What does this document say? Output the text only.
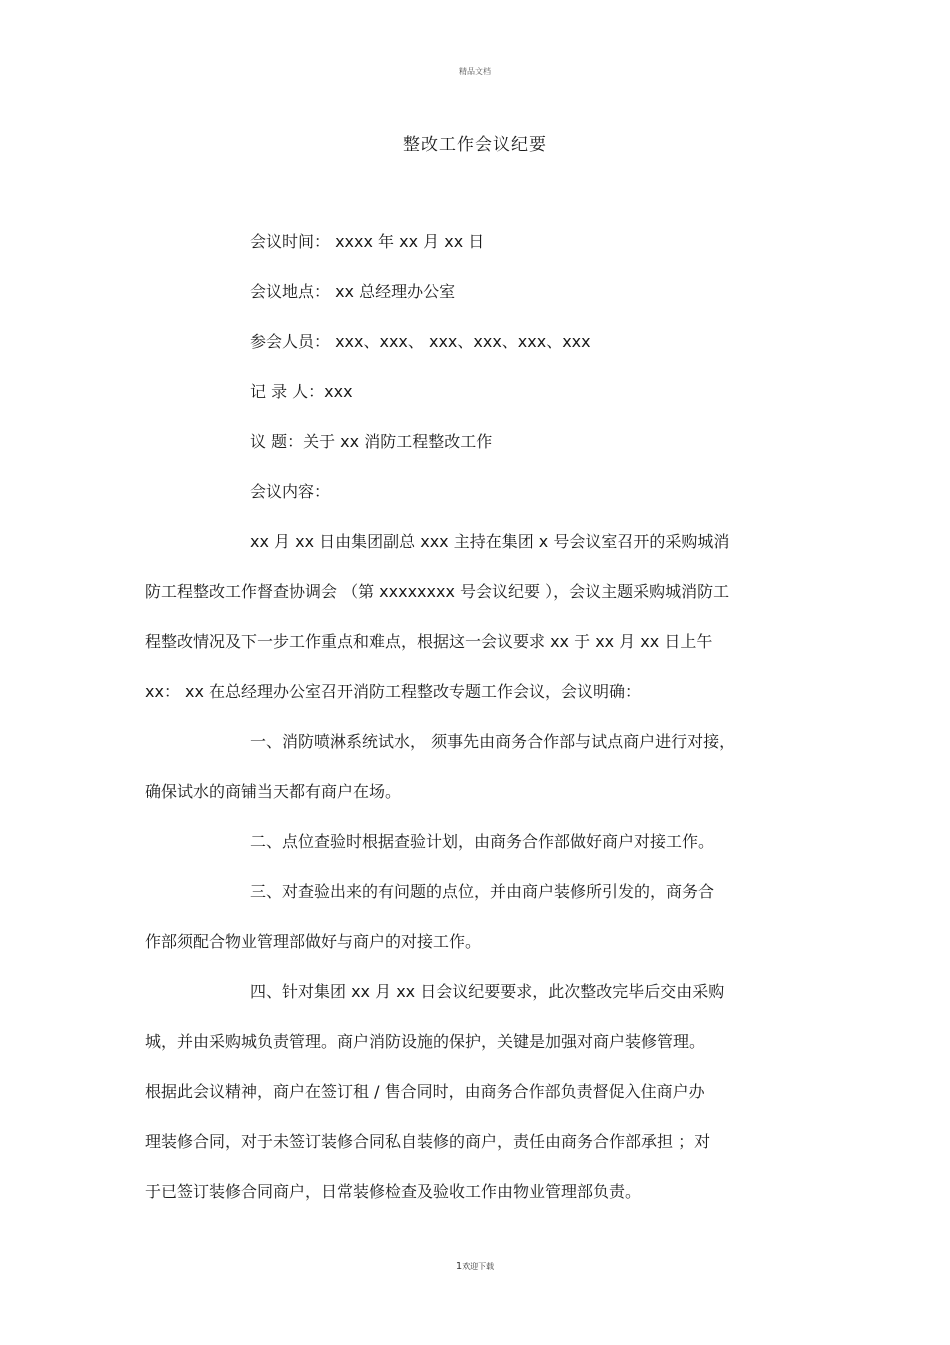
精品文档
整改工作会议纪要
会议时间： xxxx 年 xx 月 xx 日
会议地点： xx 总经理办公室
参会人员： xxx、xxx、 xxx、xxx、xxx、xxx
记 录 人：xxx
议 题：关于 xx 消防工程整改工作
会议内容：
xx 月 xx 日由集团副总 xxx 主持在集团 x 号会议室召开的采购城消
防工程整改工作督查协调会 （第 xxxxxxxx 号会议纪要 ），会议主题采购城消防工
程整改情况及下一步工作重点和难点，根据这一会议要求 xx 于 xx 月 xx 日上午
xx： xx 在总经理办公室召开消防工程整改专题工作会议，会议明确：
一、消防喷淋系统试水， 须事先由商务合作部与试点商户进行对接，
确保试水的商铺当天都有商户在场。
二、点位查验时根据查验计划，由商务合作部做好商户对接工作。
三、对查验出来的有问题的点位，并由商户装修所引发的，商务合
作部须配合物业管理部做好与商户的对接工作。
四、针对集团 xx 月 xx 日会议纪要要求，此次整改完毕后交由采购
城，并由采购城负责管理。商户消防设施的保护，关键是加强对商户装修管理。
根据此会议精神，商户在签订租 / 售合同时，由商务合作部负责督促入住商户办
理装修合同，对于未签订装修合同私自装修的商户，责任由商务合作部承担 ；对
于已签订装修合同商户，日常装修检查及验收工作由物业管理部负责。
1欢迎下载
